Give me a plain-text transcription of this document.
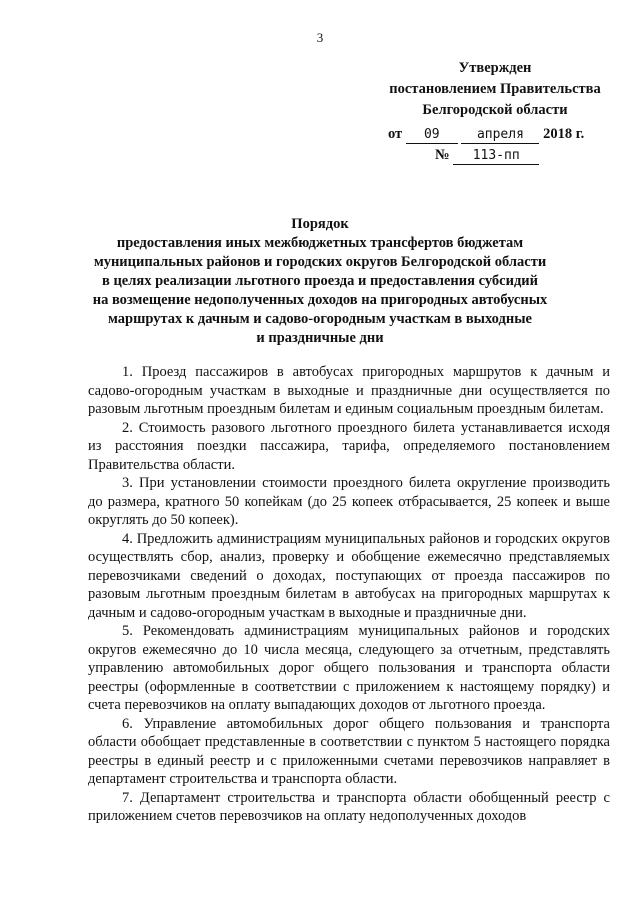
3
Утвержден
постановлением Правительства
Белгородской области
от 09	апреля 2018 г.
№ 113-пп
Порядок
предоставления иных межбюджетных трансфертов бюджетам
муниципальных районов и городских округов Белгородской области
в целях реализации льготного проезда и предоставления субсидий
на возмещение недополученных доходов на пригородных автобусных
маршрутах к дачным и садово-огородным участкам в выходные
и праздничные дни

1. Проезд пассажиров в автобусах пригородных маршрутов к дачным и садово-огородным участкам в выходные и праздничные дни осуществляется по разовым льготным проездным билетам и единым социальным проездным билетам.

2. Стоимость разового льготного проездного билета устанавливается исходя из расстояния поездки пассажира, тарифа, определяемого постановлением Правительства области.

3. При установлении стоимости проездного билета округление производить до размера, кратного 50 копейкам (до 25 копеек отбрасывается, 25 копеек и выше округлять до 50 копеек).

4. Предложить администрациям муниципальных районов и городских округов осуществлять сбор, анализ, проверку и обобщение ежемесячно представляемых перевозчиками сведений о доходах, поступающих от проезда пассажиров по разовым льготным проездным билетам в автобусах на пригородных маршрутах к дачным и садово-огородным участкам в выходные и праздничные дни.

5. Рекомендовать администрациям муниципальных районов и городских округов ежемесячно до 10 числа месяца, следующего за отчетным, представлять управлению автомобильных дорог общего пользования и транспорта области реестры (оформленные в соответствии с приложением к настоящему порядку) и счета перевозчиков на оплату выпадающих доходов от льготного проезда.

6. Управление автомобильных дорог общего пользования и транспорта области обобщает представленные в соответствии с пунктом 5 настоящего порядка реестры в единый реестр и с приложенными счетами перевозчиков направляет в департамент строительства и транспорта области.

7. Департамент строительства и транспорта области обобщенный реестр с приложением счетов перевозчиков на оплату недополученных доходов
